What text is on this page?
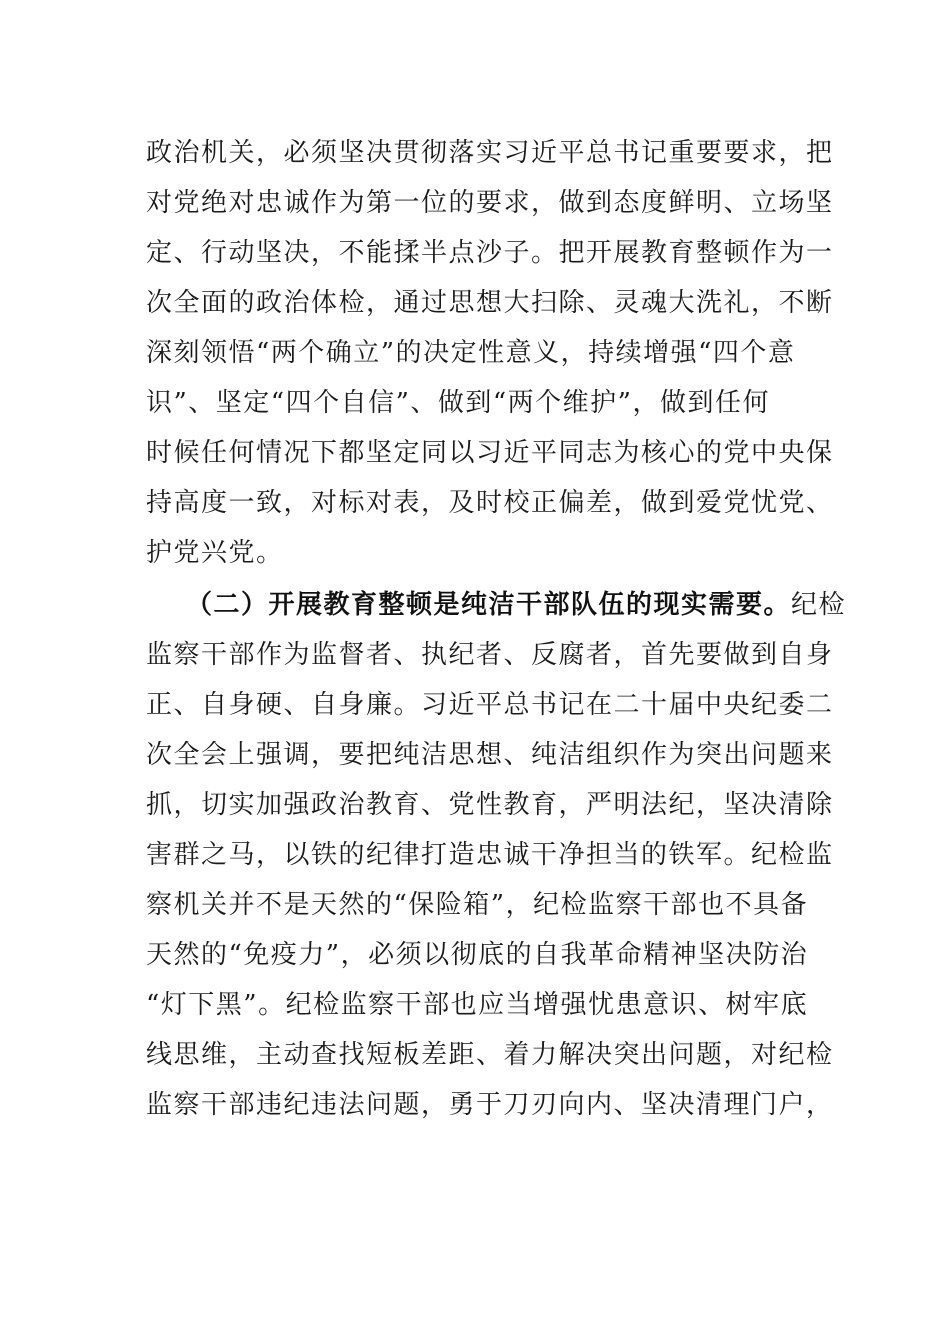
政治机关，必须坚决贯彻落实习近平总书记重要要求，把
对党绝对忠诚作为第一位的要求，做到态度鲜明、立场坚
定、行动坚决，不能揉半点沙子。把开展教育整顿作为一
次全面的政治体检，通过思想大扫除、灵魂大洗礼，不断
深刻领悟“两个确立”的决定性意义，持续增强“四个意
识”、坚定“四个自信”、做到“两个维护”，做到任何
时候任何情况下都坚定同以习近平同志为核心的党中央保
持高度一致，对标对表，及时校正偏差，做到爱党忧党、
护党兴党。
（二）开展教育整顿是纯洁干部队伍的现实需要。纪检
监察干部作为监督者、执纪者、反腐者，首先要做到自身
正、自身硬、自身廉。习近平总书记在二十届中央纪委二
次全会上强调，要把纯洁思想、纯洁组织作为突出问题来
抓，切实加强政治教育、党性教育，严明法纪，坚决清除
害群之马，以铁的纪律打造忠诚干净担当的铁军。纪检监
察机关并不是天然的“保险箱”，纪检监察干部也不具备
天然的“免疫力”，必须以彻底的自我革命精神坚决防治
“灯下黑”。纪检监察干部也应当增强忧患意识、树牢底
线思维，主动查找短板差距、着力解决突出问题，对纪检
监察干部违纪违法问题，勇于刀刃向内、坚决清理门户，
